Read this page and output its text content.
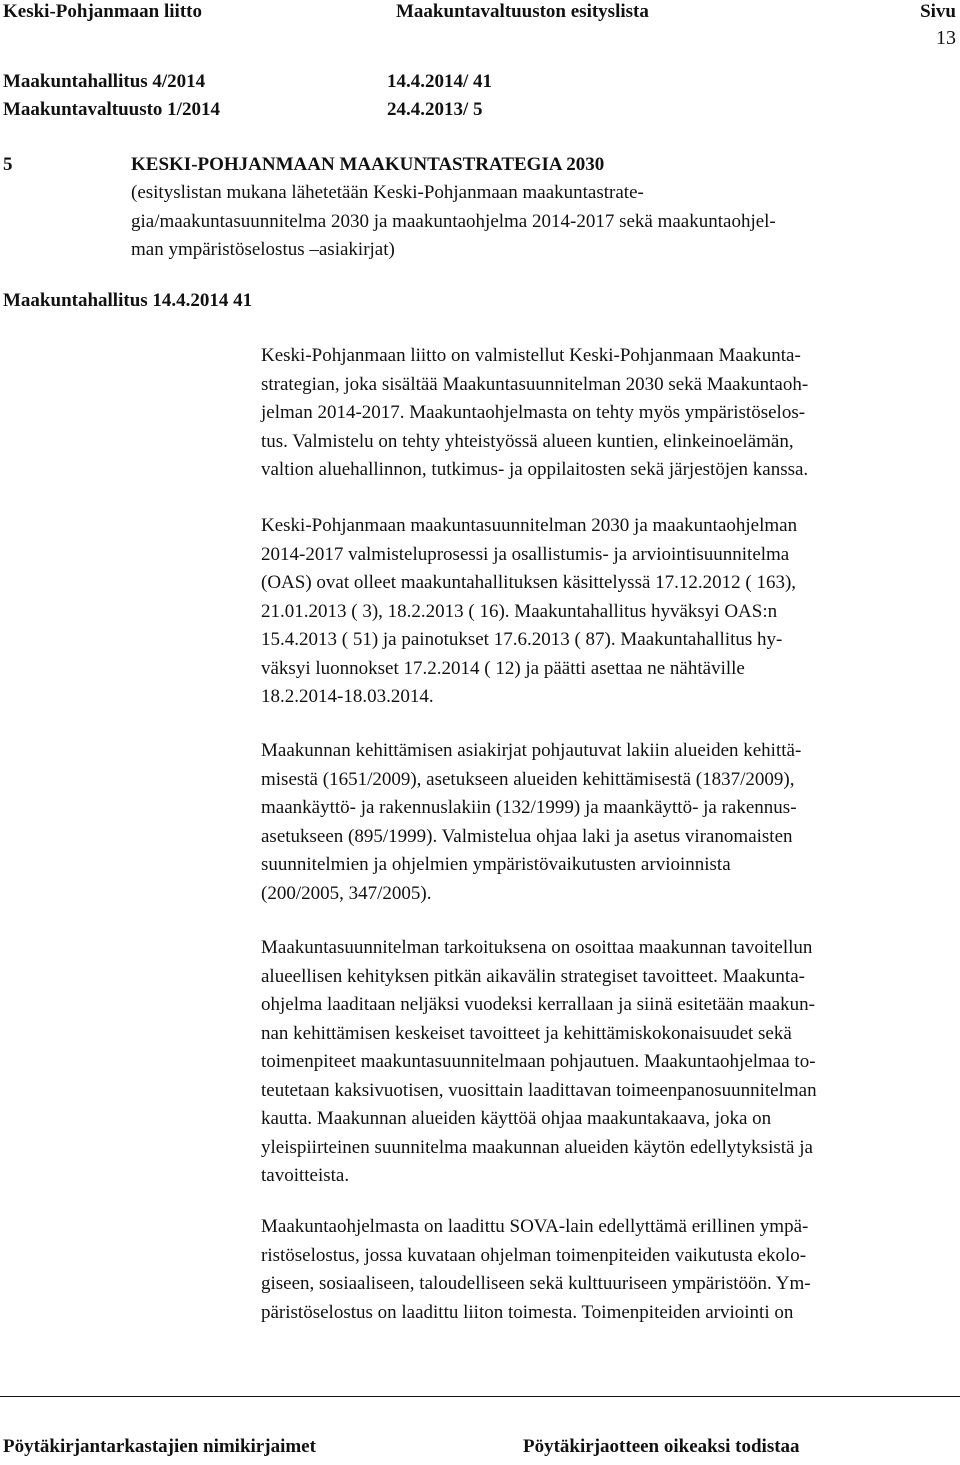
Keski-Pohjanmaan liitto	Maakuntavaltuuston esityslista	Sivu
13
Maakuntahallitus 4/2014	14.4.2014/ 41
Maakuntavaltuusto 1/2014	24.4.2013/ 5
5	KESKI-POHJANMAAN MAAKUNTASTRATEGIA 2030
(esityslistan mukana lähetetään Keski-Pohjanmaan maakuntastrate-
gia/maakuntasuunnitelma 2030 ja maakuntaohjelma 2014-2017 sekä maakuntaohjel-
man ympäristöselostus –asiakirjat)
Maakuntahallitus 14.4.2014 41
Keski-Pohjanmaan liitto on valmistellut Keski-Pohjanmaan Maakunta-
strategian, joka sisältää Maakuntasuunnitelman 2030 sekä Maakuntaoh-
jelman 2014-2017. Maakuntaohjelmasta on tehty myös ympäristöselos-
tus. Valmistelu on tehty yhteistyössä alueen kuntien, elinkeinoelämän,
valtion aluehallinnon, tutkimus- ja oppilaitosten sekä järjestöjen kanssa.
Keski-Pohjanmaan maakuntasuunnitelman 2030 ja maakuntaohjelman
2014-2017 valmisteluprosessi ja osallistumis- ja arviointisuunnitelma
(OAS) ovat olleet maakuntahallituksen käsittelyssä 17.12.2012 ( 163),
21.01.2013 ( 3), 18.2.2013 ( 16). Maakuntahallitus hyväksyi OAS:n
15.4.2013 ( 51) ja painotukset 17.6.2013 ( 87). Maakuntahallitus hy-
väksyi luonnokset 17.2.2014 ( 12) ja päätti asettaa ne nähtäville
18.2.2014-18.03.2014.
Maakunnan kehittämisen asiakirjat pohjautuvat lakiin alueiden kehittä-
misestä (1651/2009), asetukseen alueiden kehittämisestä (1837/2009),
maankäyttö- ja rakennuslakiin (132/1999) ja maankäyttö- ja rakennus-
asetukseen (895/1999). Valmistelua ohjaa laki ja asetus viranomaisten
suunnitelmien ja ohjelmien ympäristövaikutusten arvioinnista
(200/2005, 347/2005).
Maakuntasuunnitelman tarkoituksena on osoittaa maakunnan tavoitellun
alueellisen kehityksen pitkän aikavälin strategiset tavoitteet. Maakunta-
ohjelma laaditaan neljäksi vuodeksi kerrallaan ja siinä esitetään maakun-
nan kehittämisen keskeiset tavoitteet ja kehittämiskokonaisuudet sekä
toimenpiteet maakuntasuunnitelmaan pohjautuen. Maakuntaohjelmaa to-
teutetaan kaksivuotisen, vuosittain laadittavan toimeenpanosuunnitelman
kautta. Maakunnan alueiden käyttöä ohjaa maakuntakaava, joka on
yleispiirteinen suunnitelma maakunnan alueiden käytön edellytyksistä ja
tavoitteista.
Maakuntaohjelmasta on laadittu SOVA-lain edellyttämä erillinen ympä-
ristöselostus, jossa kuvataan ohjelman toimenpiteiden vaikutusta ekolo-
giseen, sosiaaliseen, taloudelliseen sekä kulttuuriseen ympäristöön. Ym-
päristöselostus on laadittu liiton toimesta. Toimenpiteiden arviointi on
Pöytäkirjantarkastajien nimikirjaimet	Pöytäkirjaotteen oikeaksi todistaa
